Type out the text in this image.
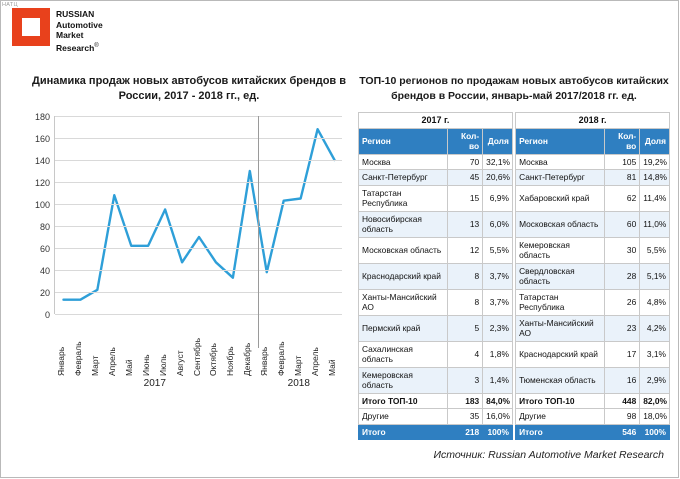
RUSSIAN
Automotive
Market
Research®
НАТЦ
Динамика продаж новых автобусов китайских брендов в России, 2017 - 2018 гг., ед.
ТОП-10 регионов по продажам новых автобусов китайских брендов в России, январь-май 2017/2018 гг. ед.
0
20
40
60
80
100
120
140
160
180
Январь Февраль Март Апрель Май Июнь Июль Август Сентябрь Октябрь Ноябрь Декабрь Январь Февраль Март Апрель Май
2017	2018
2017 г.				2018 г.		
Регион	Кол-во	Доля		Регион	Кол-во	Доля
Москва	70	32,1%		Москва	105	19,2%
Санкт-Петербург	45	20,6%		Санкт-Петербург	81	14,8%
Татарстан Республика	15	6,9%		Хабаровский край	62	11,4%
Новосибирская область	13	6,0%		Московская область	60	11,0%
Московская область	12	5,5%		Кемеровская область	30	5,5%
Краснодарский край	8	3,7%		Свердловская область	28	5,1%
Ханты-Мансийский АО	8	3,7%		Татарстан Республика	26	4,8%
Пермский край	5	2,3%		Ханты-Мансийский АО	23	4,2%
Сахалинская область	4	1,8%		Краснодарский край	17	3,1%
Кемеровская область	3	1,4%		Тюменская область	16	2,9%
Итого ТОП-10	183	84,0%		Итого ТОП-10	448	82,0%
Другие	35	16,0%		Другие	98	18,0%
Итого	218	100%		Итого	546	100%
Источник: Russian Automotive Market Research
